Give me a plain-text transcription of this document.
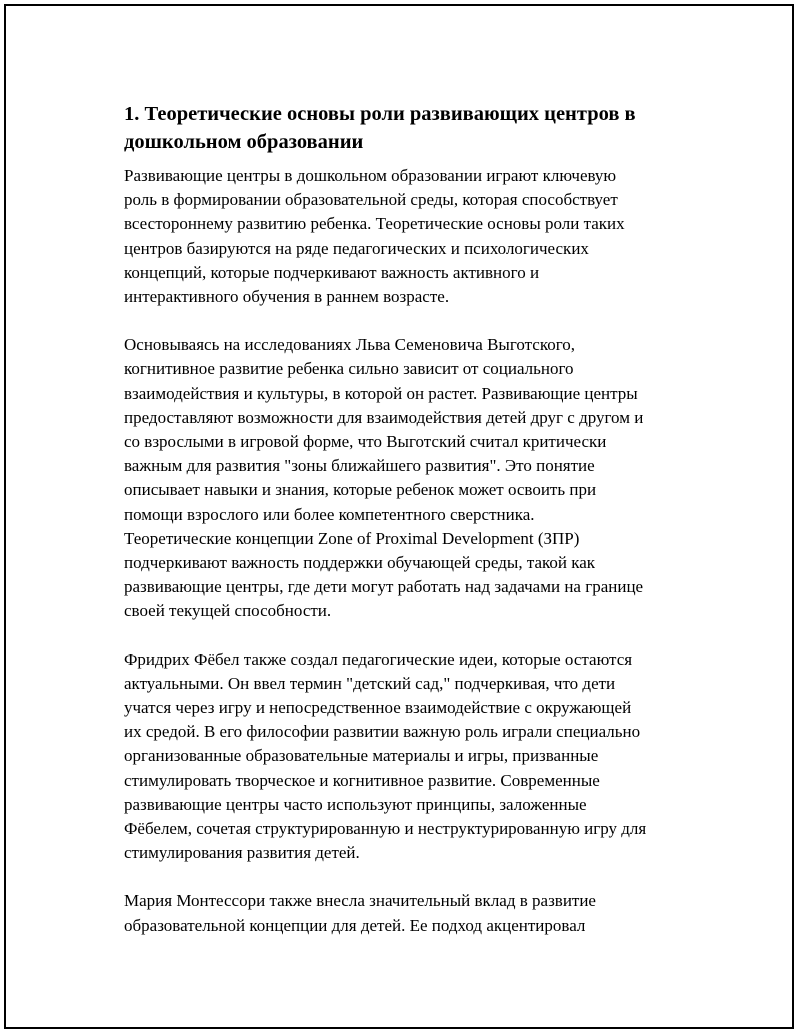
1. Теоретические основы роли развивающих центров в
дошкольном образовании

Развивающие центры в дошкольном образовании играют ключевую
роль в формировании образовательной среды, которая способствует
всестороннему развитию ребенка. Теоретические основы роли таких
центров базируются на ряде педагогических и психологических
концепций, которые подчеркивают важность активного и
интерактивного обучения в раннем возрасте.

Основываясь на исследованиях Льва Семеновича Выготского,
когнитивное развитие ребенка сильно зависит от социального
взаимодействия и культуры, в которой он растет. Развивающие центры
предоставляют возможности для взаимодействия детей друг с другом и
со взрослыми в игровой форме, что Выготский считал критически
важным для развития "зоны ближайшего развития". Это понятие
описывает навыки и знания, которые ребенок может освоить при
помощи взрослого или более компетентного сверстника.
Теоретические концепции Zone of Proximal Development (ЗПР)
подчеркивают важность поддержки обучающей среды, такой как
развивающие центры, где дети могут работать над задачами на границе
своей текущей способности.

Фридрих Фёбел также создал педагогические идеи, которые остаются
актуальными. Он ввел термин "детский сад," подчеркивая, что дети
учатся через игру и непосредственное взаимодействие с окружающей
их средой. В его философии развитии важную роль играли специально
организованные образовательные материалы и игры, призванные
стимулировать творческое и когнитивное развитие. Современные
развивающие центры часто используют принципы, заложенные
Фёбелем, сочетая структурированную и неструктурированную игру для
стимулирования развития детей.

Мария Монтессори также внесла значительный вклад в развитие
образовательной концепции для детей. Ее подход акцентировал
